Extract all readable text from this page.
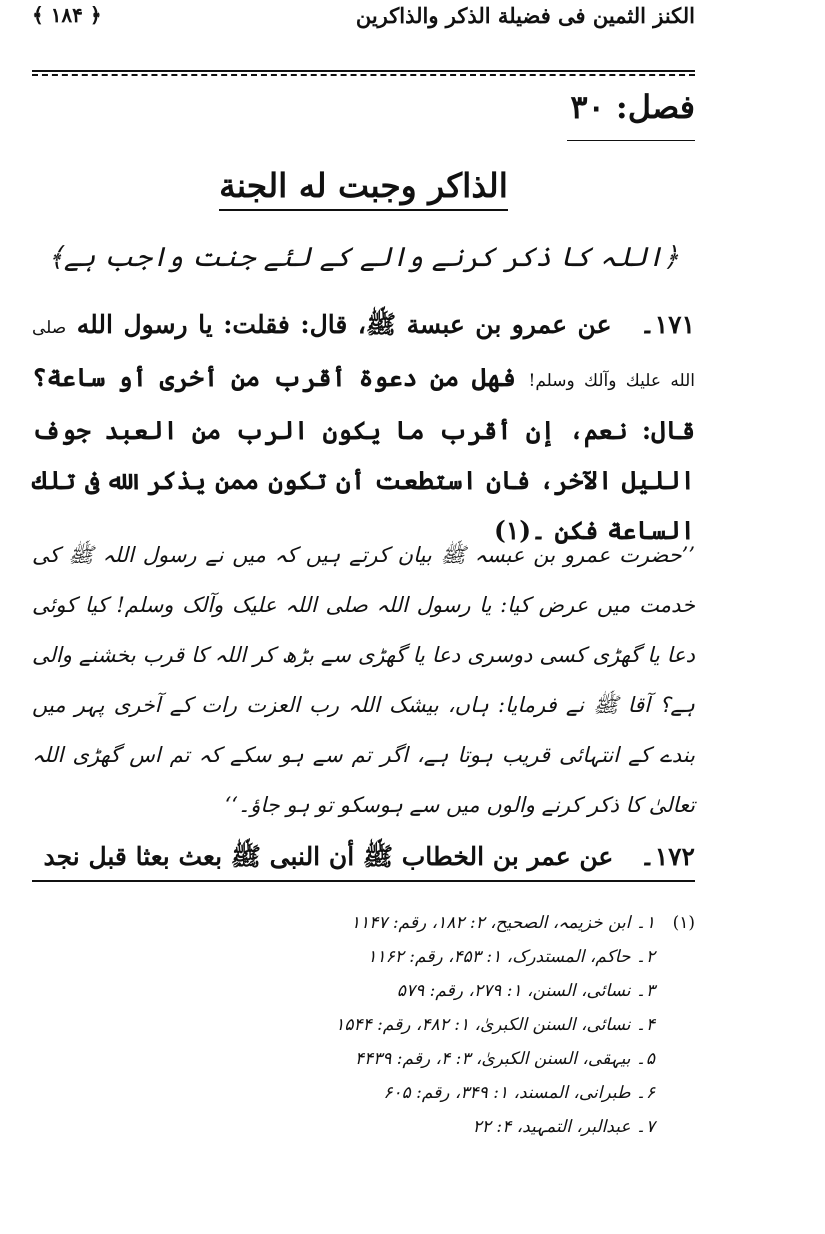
الكنز الثمين فى فضيلة الذكر والذاكرين
﴿ ۱۸۴ ﴾
فصل: ۳۰
الذاكر وجبت له الجنة
﴿اللہ کا ذکر کرنے والے کے لئے جنت واجب ہے﴾
۱۷۱۔ عن عمرو بن عبسة ﷺ، قال: فقلت: يا رسول الله صلى الله عليك وآلك وسلم! فهل من دعوة أقرب من أخرى أو ساعة؟ قال: نعم، إن أقرب ما يكون الرب من العبد جوف الليل الآخر، فان استطعت أن تكون ممن يذكر الله فى تلك الساعة فكن ۔(۱)
’’حضرت عمرو بن عبسہ ﷺ بیان کرتے ہیں کہ میں نے رسول اللہ ﷺ کی خدمت میں عرض کیا: یا رسول اللہ صلی اللہ علیک وآلک وسلم! کیا کوئی دعا یا گھڑی کسی دوسری دعا یا گھڑی سے بڑھ کر اللہ کا قرب بخشنے والی ہے؟ آقا ﷺ نے فرمایا: ہاں، بیشک اللہ رب العزت رات کے آخری پہر میں بندے کے انتہائی قریب ہوتا ہے، اگر تم سے ہو سکے کہ تم اس گھڑی اللہ تعالیٰ کا ذکر کرنے والوں میں سے ہوسکو تو ہو جاؤ۔‘‘
۱۷۲۔ عن عمر بن الخطاب ﷺ أن النبى ﷺ بعث بعثا قبل نجد
(۱)۱۔ ابن خزيمہ، الصحيح، ۲: ۱۸۲، رقم: ۱۱۴۷
۲۔ حاکم، المستدرک، ۱: ۴۵۳، رقم: ۱۱۶۲
۳۔ نسائی، السنن، ۱: ۲۷۹، رقم: ۵۷۹
۴۔ نسائی، السنن الکبریٰ، ۱: ۴۸۲، رقم: ۱۵۴۴
۵۔ بیہقی، السنن الکبریٰ، ۳: ۴، رقم: ۴۴۳۹
۶۔ طبرانی، المسند، ۱: ۳۴۹، رقم: ۶۰۵
۷۔ عبدالبر، التمہید، ۴: ۲۲
